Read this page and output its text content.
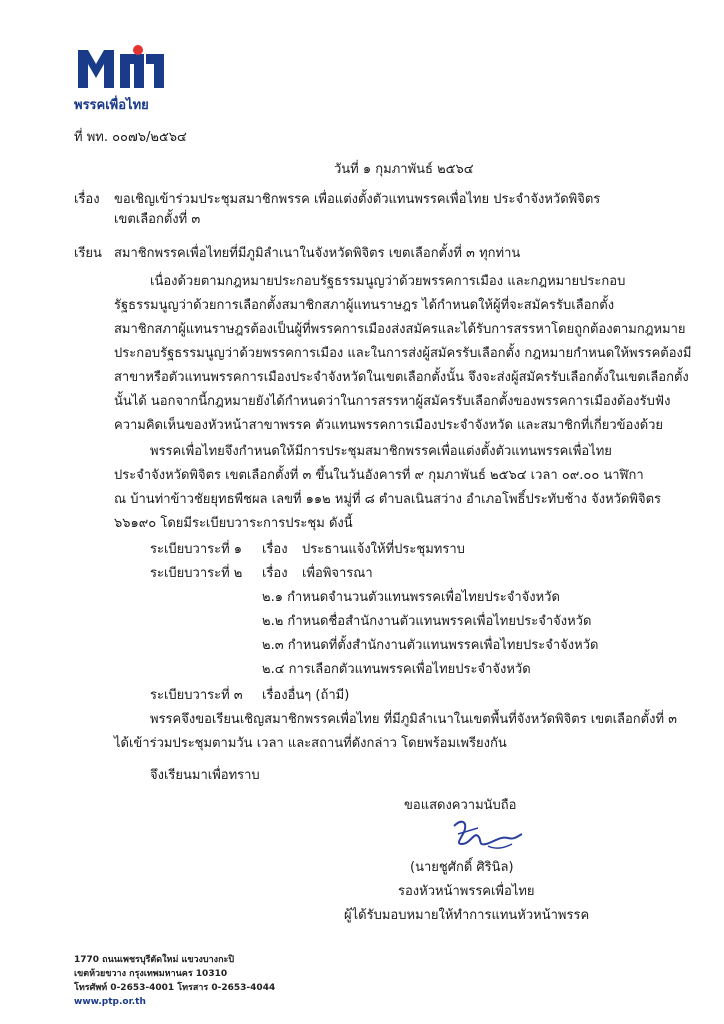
พรรคเพื่อไทย
ที่ พท. ๐๐๗๖/๒๕๖๔
วันที่ ๑ กุมภาพันธ์ ๒๕๖๔
เรื่อง ขอเชิญเข้าร่วมประชุมสมาชิกพรรค เพื่อแต่งตั้งตัวแทนพรรคเพื่อไทย ประจำจังหวัดพิจิตร
เขตเลือกตั้งที่ ๓
เรียน สมาชิกพรรคเพื่อไทยที่มีภูมิลำเนาในจังหวัดพิจิตร เขตเลือกตั้งที่ ๓ ทุกท่าน
เนื่องด้วยตามกฎหมายประกอบรัฐธรรมนูญว่าด้วยพรรคการเมือง และกฎหมายประกอบ
รัฐธรรมนูญว่าด้วยการเลือกตั้งสมาชิกสภาผู้แทนราษฎร ได้กำหนดให้ผู้ที่จะสมัครรับเลือกตั้ง
สมาชิกสภาผู้แทนราษฎรต้องเป็นผู้ที่พรรคการเมืองส่งสมัครและได้รับการสรรหาโดยถูกต้องตามกฎหมาย
ประกอบรัฐธรรมนูญว่าด้วยพรรคการเมือง และในการส่งผู้สมัครรับเลือกตั้ง กฎหมายกำหนดให้พรรคต้องมี
สาขาหรือตัวแทนพรรคการเมืองประจำจังหวัดในเขตเลือกตั้งนั้น จึงจะส่งผู้สมัครรับเลือกตั้งในเขตเลือกตั้ง
นั้นได้ นอกจากนี้กฎหมายยังได้กำหนดว่าในการสรรหาผู้สมัครรับเลือกตั้งของพรรคการเมืองต้องรับฟัง
ความคิดเห็นของหัวหน้าสาขาพรรค ตัวแทนพรรคการเมืองประจำจังหวัด และสมาชิกที่เกี่ยวข้องด้วย
พรรคเพื่อไทยจึงกำหนดให้มีการประชุมสมาชิกพรรคเพื่อแต่งตั้งตัวแทนพรรคเพื่อไทย
ประจำจังหวัดพิจิตร เขตเลือกตั้งที่ ๓ ขึ้นในวันอังคารที่ ๙ กุมภาพันธ์ ๒๕๖๔ เวลา ๐๙.๐๐ นาฬิกา
ณ บ้านท่าข้าวชัยยุทธพืชผล เลขที่ ๑๑๒ หมู่ที่ ๘ ตำบลเนินสว่าง อำเภอโพธิ์ประทับช้าง จังหวัดพิจิตร
๖๖๑๙๐ โดยมีระเบียบวาระการประชุม ดังนี้
ระเบียบวาระที่ ๑ เรื่อง ประธานแจ้งให้ที่ประชุมทราบ
ระเบียบวาระที่ ๒ เรื่อง เพื่อพิจารณา
๒.๑ กำหนดจำนวนตัวแทนพรรคเพื่อไทยประจำจังหวัด
๒.๒ กำหนดชื่อสำนักงานตัวแทนพรรคเพื่อไทยประจำจังหวัด
๒.๓ กำหนดที่ตั้งสำนักงานตัวแทนพรรคเพื่อไทยประจำจังหวัด
๒.๔ การเลือกตัวแทนพรรคเพื่อไทยประจำจังหวัด
ระเบียบวาระที่ ๓ เรื่องอื่นๆ (ถ้ามี)
พรรคจึงขอเรียนเชิญสมาชิกพรรคเพื่อไทย ที่มีภูมิลำเนาในเขตพื้นที่จังหวัดพิจิตร เขตเลือกตั้งที่ ๓
ได้เข้าร่วมประชุมตามวัน เวลา และสถานที่ดังกล่าว โดยพร้อมเพรียงกัน
จึงเรียนมาเพื่อทราบ
ขอแสดงความนับถือ
(นายชูศักดิ์ ศิรินิล)
รองหัวหน้าพรรคเพื่อไทย
ผู้ได้รับมอบหมายให้ทำการแทนหัวหน้าพรรค
1770 ถนนเพชรบุรีตัดใหม่ แขวงบางกะปิ
เขตห้วยขวาง กรุงเทพมหานคร 10310
โทรศัพท์ 0-2653-4001 โทรสาร 0-2653-4044
www.ptp.or.th
